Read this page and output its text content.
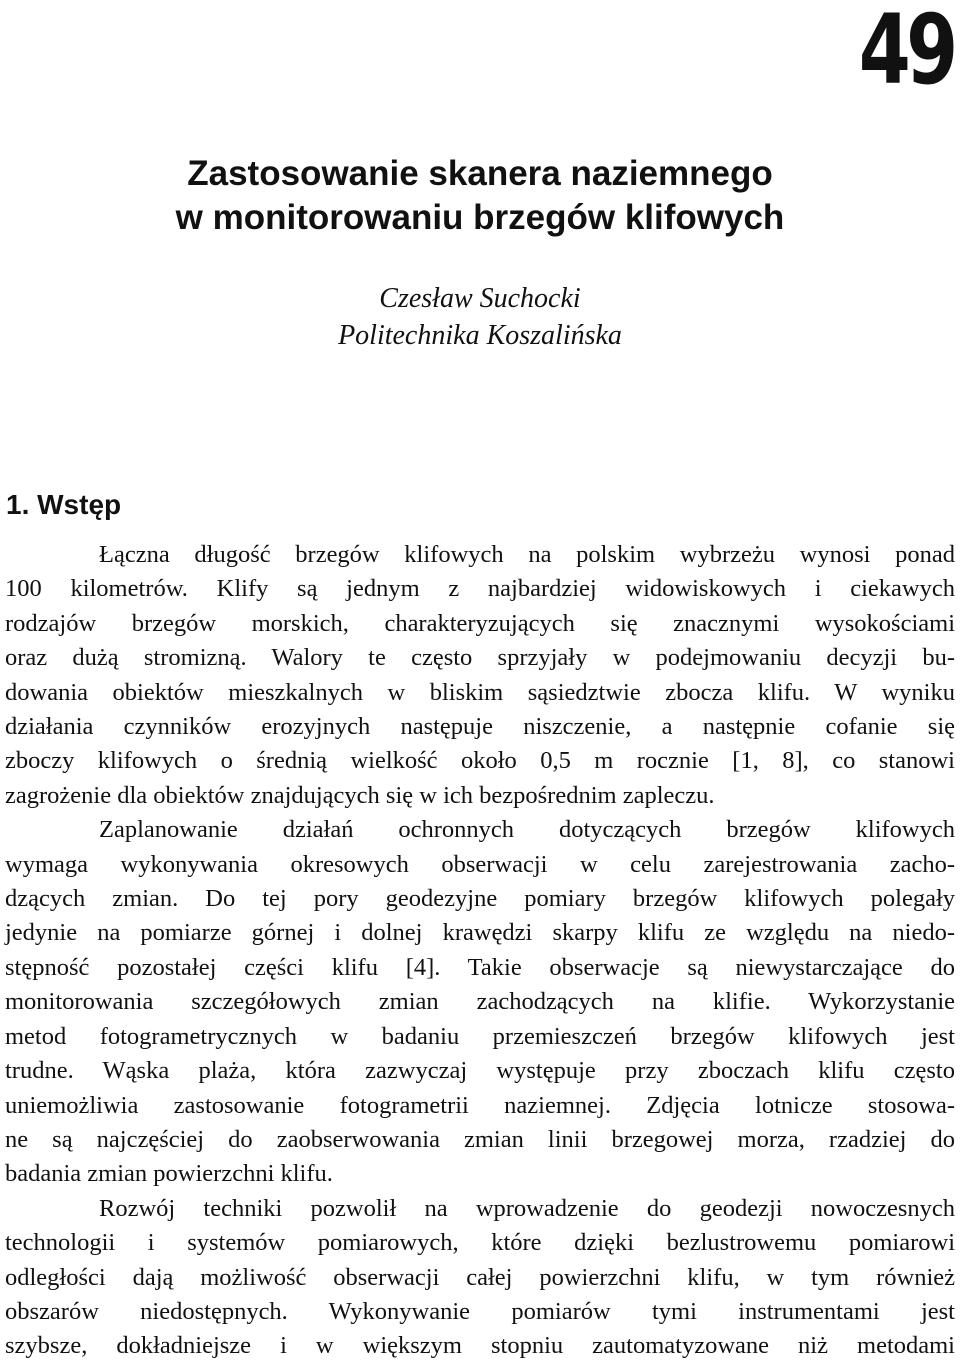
49
Zastosowanie skanera naziemnego
w monitorowaniu brzegów klifowych
Czesław Suchocki
Politechnika Koszalińska
1. Wstęp

Łączna długość brzegów klifowych na polskim wybrzeżu wynosi ponad
100 kilometrów. Klify są jednym z najbardziej widowiskowych i ciekawych
rodzajów brzegów morskich, charakteryzujących się znacznymi wysokościami
oraz dużą stromizną. Walory te często sprzyjały w podejmowaniu decyzji bu-
dowania obiektów mieszkalnych w bliskim sąsiedztwie zbocza klifu. W wyniku
działania czynników erozyjnych następuje niszczenie, a następnie cofanie się
zboczy klifowych o średnią wielkość około 0,5 m rocznie [1, 8], co stanowi
zagrożenie dla obiektów znajdujących się w ich bezpośrednim zapleczu.

Zaplanowanie działań ochronnych dotyczących brzegów klifowych
wymaga wykonywania okresowych obserwacji w celu zarejestrowania zacho-
dzących zmian. Do tej pory geodezyjne pomiary brzegów klifowych polegały
jedynie na pomiarze górnej i dolnej krawędzi skarpy klifu ze względu na niedo-
stępność pozostałej części klifu [4]. Takie obserwacje są niewystarczające do
monitorowania szczegółowych zmian zachodzących na klifie. Wykorzystanie
metod fotogrametrycznych w badaniu przemieszczeń brzegów klifowych jest
trudne. Wąska plaża, która zazwyczaj występuje przy zboczach klifu często
uniemożliwia zastosowanie fotogrametrii naziemnej. Zdjęcia lotnicze stosowa-
ne są najczęściej do zaobserwowania zmian linii brzegowej morza, rzadziej do
badania zmian powierzchni klifu.

Rozwój techniki pozwolił na wprowadzenie do geodezji nowoczesnych
technologii i systemów pomiarowych, które dzięki bezlustrowemu pomiarowi
odległości dają możliwość obserwacji całej powierzchni klifu, w tym również
obszarów niedostępnych. Wykonywanie pomiarów tymi instrumentami jest
szybsze, dokładniejsze i w większym stopniu zautomatyzowane niż metodami
